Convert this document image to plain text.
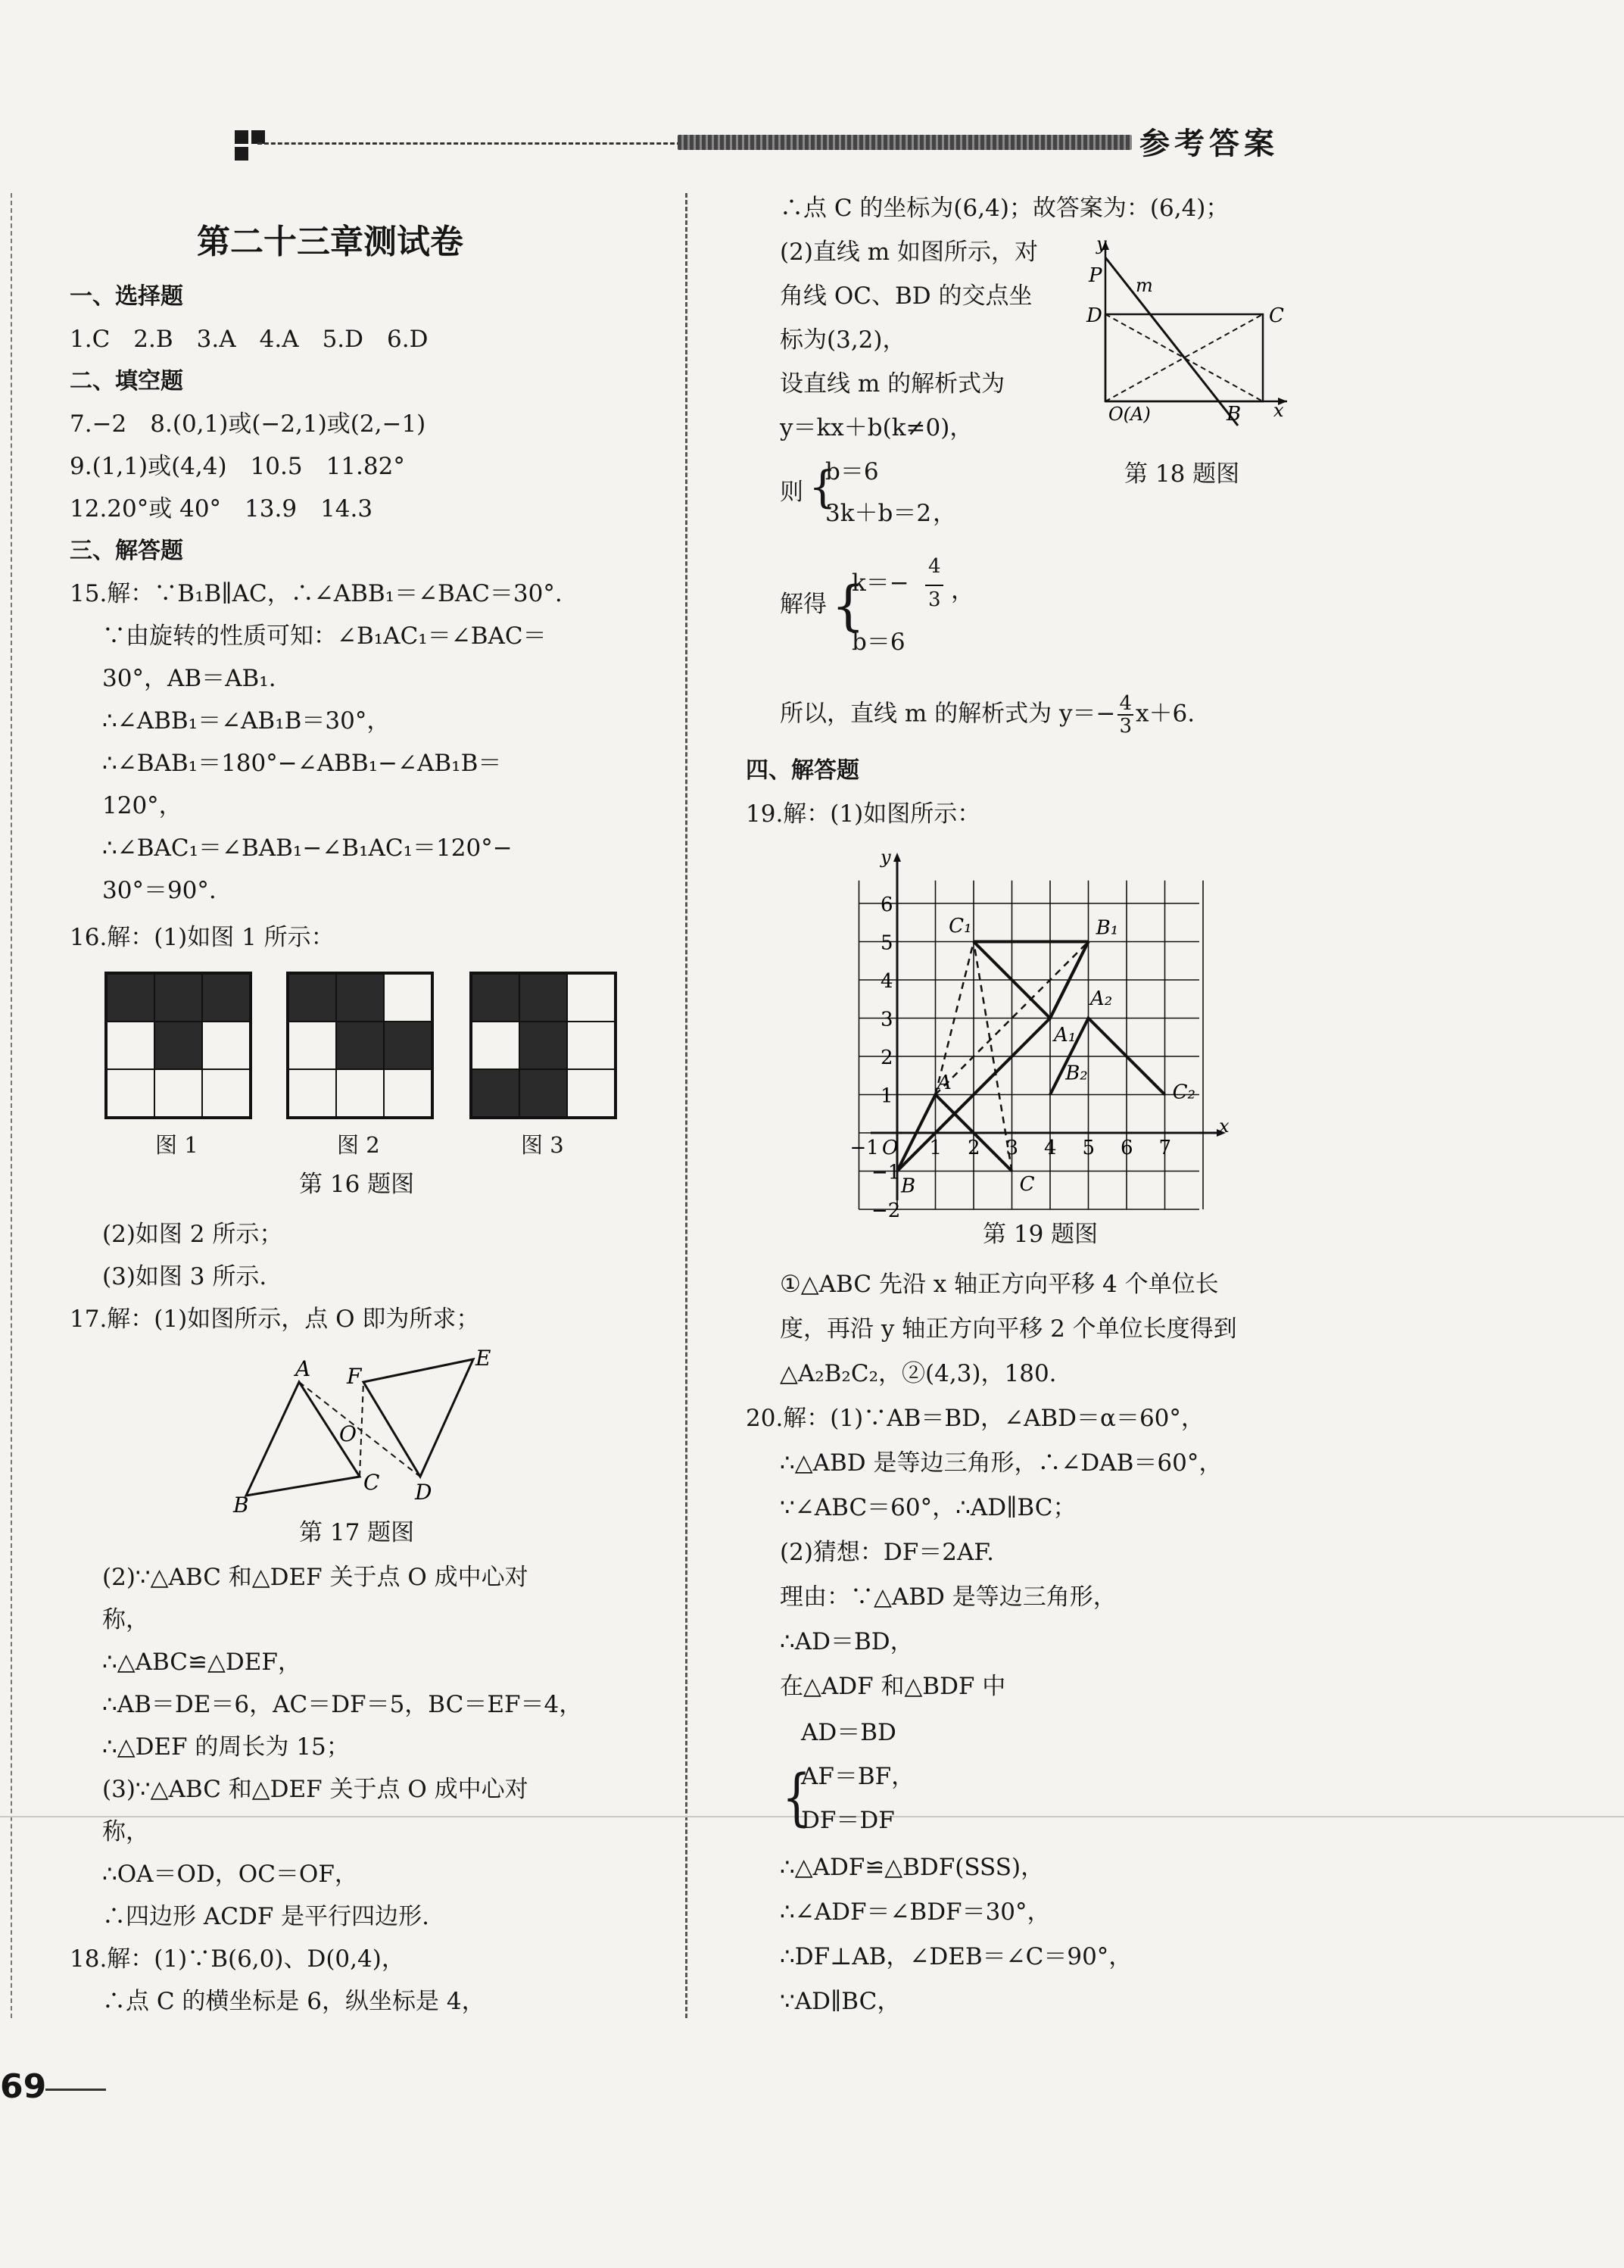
参考答案
第二十三章测试卷
一、选择题
1.C　2.B　3.A　4.A　5.D　6.D
二、填空题
7.−2　8.(0,1)或(−2,1)或(2,−1)
9.(1,1)或(4,4)　10.5　11.82°
12.20°或 40°　13.9　14.3
三、解答题
15.解：∵B₁B∥AC，∴∠ABB₁＝∠BAC＝30°.
∵由旋转的性质可知：∠B₁AC₁＝∠BAC＝
30°，AB＝AB₁.
∴∠ABB₁＝∠AB₁B＝30°，
∴∠BAB₁＝180°−∠ABB₁−∠AB₁B＝
120°，
∴∠BAC₁＝∠BAB₁−∠B₁AC₁＝120°−
30°＝90°.
16.解：(1)如图 1 所示：
图 1	图 2	图 3
第 16 题图
(2)如图 2 所示；
(3)如图 3 所示.
17.解：(1)如图所示，点 O 即为所求；
A
B
C D
E
F
O
第 17 题图
(2)∵△ABC 和△DEF 关于点 O 成中心对
称，
∴△ABC≌△DEF，
∴AB＝DE＝6，AC＝DF＝5，BC＝EF＝4，
∴△DEF 的周长为 15；
(3)∵△ABC 和△DEF 关于点 O 成中心对
称，
∴OA＝OD，OC＝OF，
∴四边形 ACDF 是平行四边形.
18.解：(1)∵B(6,0)、D(0,4)，
∴点 C 的横坐标是 6，纵坐标是 4，
69
∴点 C 的坐标为(6,4)；故答案为：(6,4)；
(2)直线 m 如图所示，对
角线 OC、BD 的交点坐
标为(3,2)，
设直线 m 的解析式为
y＝kx＋b(k≠0)，
则 {
b＝6
3k＋b＝2 ，
解得 {
k＝−
4
3 ，
b＝6
所以，直线 m 的解析式为 $y=- \frac{4}{3} x+6$.
y
x
P m
D	C
O(A)	B
第 18 题图
四、解答题
19.解：(1)如图所示：
−1 O 1 2 3 4 5 6 7
6
5
4
3
2
1
−1
−2
x
y
A
B	C
A₁
B₁
C₁
A₂
B₂
C₂
第 19 题图
①△ABC 先沿 x 轴正方向平移 4 个单位长
度，再沿 y 轴正方向平移 2 个单位长度得到
△A₂B₂C₂，②(4,3)，180.
20.解：(1)∵AB＝BD，∠ABD＝α＝60°，
∴△ABD 是等边三角形，∴∠DAB＝60°，
∵∠ABC＝60°，∴AD∥BC；
(2)猜想：DF＝2AF.
理由：∵△ABD 是等边三角形，
∴AD＝BD，
在△ADF 和△BDF 中
{
AD＝BD
AF＝BF，
DF＝DF
∴△ADF≌△BDF(SSS)，
∴∠ADF＝∠BDF＝30°，
∴DF⊥AB，∠DEB＝∠C＝90°，
∵AD∥BC，
